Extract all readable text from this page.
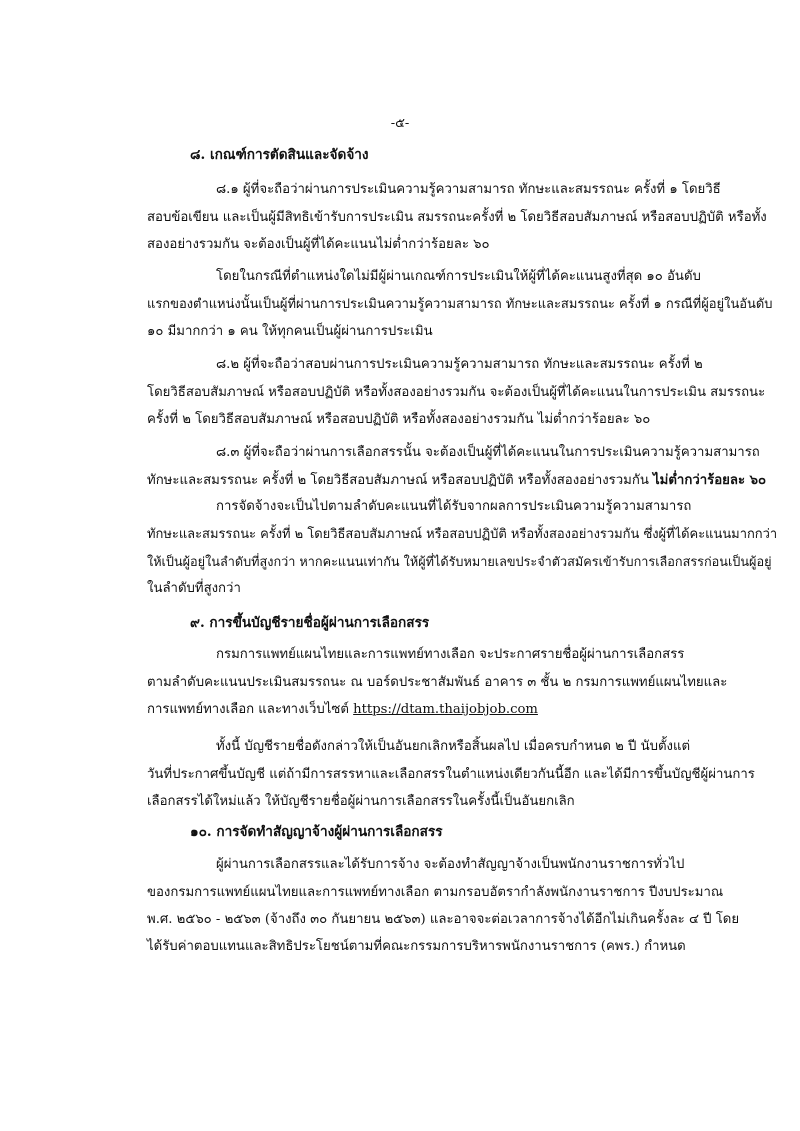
-๕-
๘. เกณฑ์การตัดสินและจัดจ้าง
๘.๑ ผู้ที่จะถือว่าผ่านการประเมินความรู้ความสามารถ ทักษะและสมรรถนะ ครั้งที่ ๑ โดยวิธี
สอบข้อเขียน และเป็นผู้มีสิทธิเข้ารับการประเมิน สมรรถนะครั้งที่ ๒ โดยวิธีสอบสัมภาษณ์ หรือสอบปฏิบัติ หรือทั้ง
สองอย่างรวมกัน จะต้องเป็นผู้ที่ได้คะแนนไม่ต่ำกว่าร้อยละ ๖๐
โดยในกรณีที่ตำแหน่งใดไม่มีผู้ผ่านเกณฑ์การประเมินให้ผู้ที่ได้คะแนนสูงที่สุด ๑๐ อันดับ
แรกของตำแหน่งนั้นเป็นผู้ที่ผ่านการประเมินความรู้ความสามารถ ทักษะและสมรรถนะ ครั้งที่ ๑ กรณีที่ผู้อยู่ในอันดับ
๑๐ มีมากกว่า ๑ คน ให้ทุกคนเป็นผู้ผ่านการประเมิน
๘.๒ ผู้ที่จะถือว่าสอบผ่านการประเมินความรู้ความสามารถ ทักษะและสมรรถนะ ครั้งที่ ๒
โดยวิธีสอบสัมภาษณ์ หรือสอบปฏิบัติ หรือทั้งสองอย่างรวมกัน จะต้องเป็นผู้ที่ได้คะแนนในการประเมิน สมรรถนะ
ครั้งที่ ๒ โดยวิธีสอบสัมภาษณ์ หรือสอบปฏิบัติ หรือทั้งสองอย่างรวมกัน ไม่ต่ำกว่าร้อยละ ๖๐
๘.๓ ผู้ที่จะถือว่าผ่านการเลือกสรรนั้น จะต้องเป็นผู้ที่ได้คะแนนในการประเมินความรู้ความสามารถ
ทักษะและสมรรถนะ ครั้งที่ ๒ โดยวิธีสอบสัมภาษณ์ หรือสอบปฏิบัติ หรือทั้งสองอย่างรวมกัน ไม่ต่ำกว่าร้อยละ ๖๐
การจัดจ้างจะเป็นไปตามลำดับคะแนนที่ได้รับจากผลการประเมินความรู้ความสามารถ
ทักษะและสมรรถนะ ครั้งที่ ๒ โดยวิธีสอบสัมภาษณ์ หรือสอบปฏิบัติ หรือทั้งสองอย่างรวมกัน ซึ่งผู้ที่ได้คะแนนมากกว่า
ให้เป็นผู้อยู่ในลำดับที่สูงกว่า หากคะแนนเท่ากัน ให้ผู้ที่ได้รับหมายเลขประจำตัวสมัครเข้ารับการเลือกสรรก่อนเป็นผู้อยู่
ในลำดับที่สูงกว่า
๙. การขึ้นบัญชีรายชื่อผู้ผ่านการเลือกสรร
กรมการแพทย์แผนไทยและการแพทย์ทางเลือก จะประกาศรายชื่อผู้ผ่านการเลือกสรร
ตามลำดับคะแนนประเมินสมรรถนะ ณ บอร์ดประชาสัมพันธ์ อาคาร ๓ ชั้น ๒ กรมการแพทย์แผนไทยและ
การแพทย์ทางเลือก และทางเว็บไซต์ https://dtam.thaijobjob.com
ทั้งนี้ บัญชีรายชื่อดังกล่าวให้เป็นอันยกเลิกหรือสิ้นผลไป เมื่อครบกำหนด ๒ ปี นับตั้งแต่
วันที่ประกาศขึ้นบัญชี แต่ถ้ามีการสรรหาและเลือกสรรในตำแหน่งเดียวกันนี้อีก และได้มีการขึ้นบัญชีผู้ผ่านการ
เลือกสรรได้ใหม่แล้ว ให้บัญชีรายชื่อผู้ผ่านการเลือกสรรในครั้งนี้เป็นอันยกเลิก
๑๐. การจัดทำสัญญาจ้างผู้ผ่านการเลือกสรร
ผู้ผ่านการเลือกสรรและได้รับการจ้าง จะต้องทำสัญญาจ้างเป็นพนักงานราชการทั่วไป
ของกรมการแพทย์แผนไทยและการแพทย์ทางเลือก ตามกรอบอัตรากำลังพนักงานราชการ ปีงบประมาณ
พ.ศ. ๒๕๖๐ - ๒๕๖๓ (จ้างถึง ๓๐ กันยายน ๒๕๖๓) และอาจจะต่อเวลาการจ้างได้อีกไม่เกินครั้งละ ๔ ปี โดย
ได้รับค่าตอบแทนและสิทธิประโยชน์ตามที่คณะกรรมการบริหารพนักงานราชการ (คพร.) กำหนด
